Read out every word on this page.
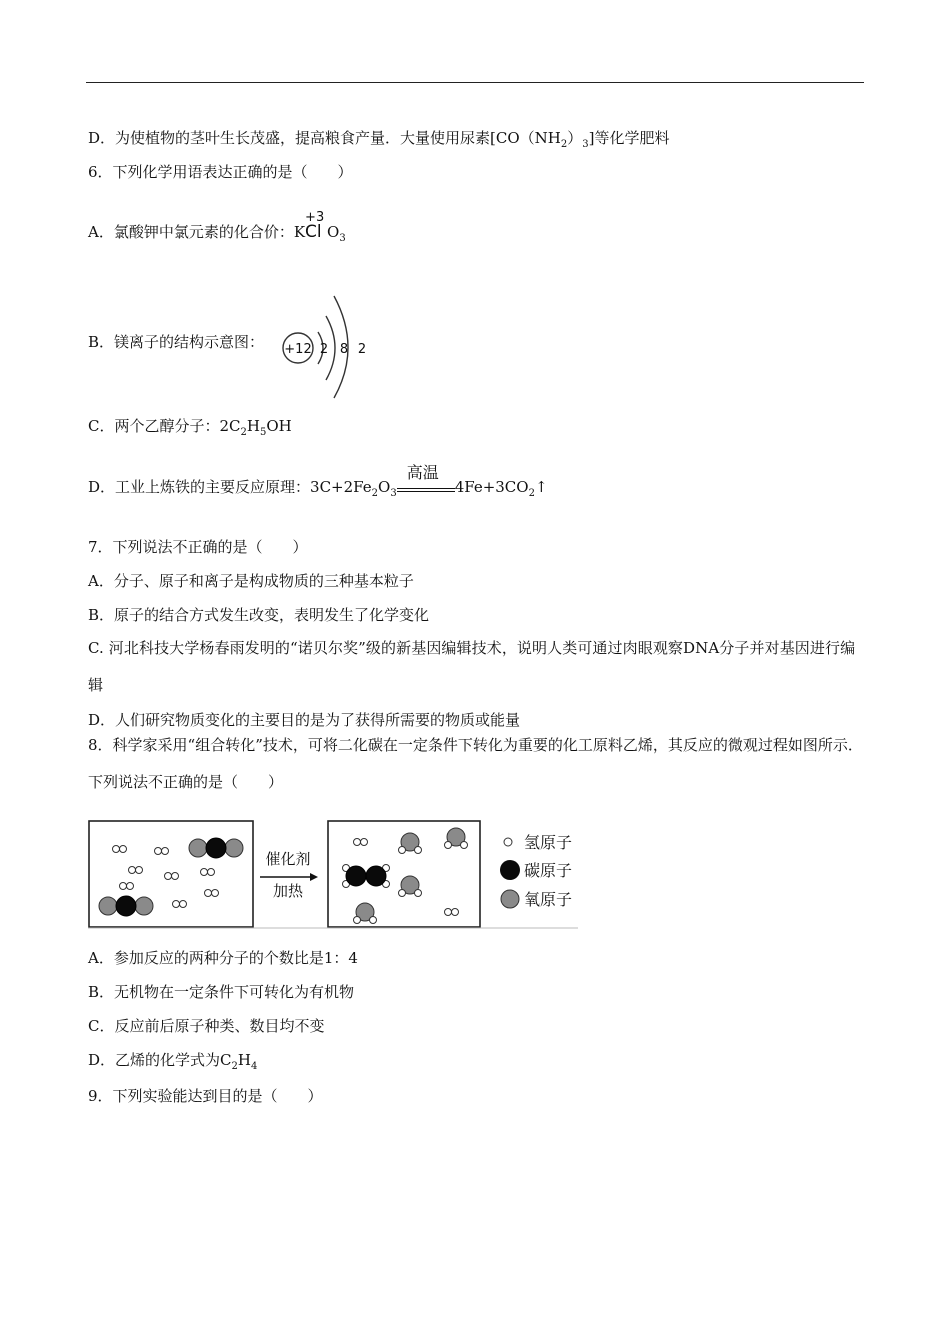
D．为使植物的茎叶生长茂盛，提高粮食产量．大量使用尿素$[CO(NH_2)_3]$等化学肥料
6．下列化学用语表达正确的是（　　）
A．氯酸钾中氯元素的化合价：K
+3
Cl $O_3$
B．镁离子的结构示意图： +12 2 8 2
C．两个乙醇分子：$2C_2H_5OH$
D．工业上炼铁的主要反应原理：$3C+2Fe_2O_3$
高温
$4Fe+3CO_2↑$
7．下列说法不正确的是（　　）
A．分子、原子和离子是构成物质的三种基本粒子
B．原子的结合方式发生改变，表明发生了化学变化
C. 河北科技大学杨春雨发明的“诺贝尔奖”级的新基因编辑技术，说明人类可通过肉眼观察DNA分子并对基因进行编辑
D．人们研究物质变化的主要目的是为了获得所需要的物质或能量
8．科学家采用“组合转化”技术，可将二化碳在一定条件下转化为重要的化工原料乙烯，其反应的微观过程如图所示．下列说法不正确的是（　　）
催化剂
加热
氢原子
碳原子
氧原子
A．参加反应的两种分子的个数比是1：4
B．无机物在一定条件下可转化为有机物
C．反应前后原子种类、数目均不变
D．乙烯的化学式为$C_2H_4$
9．下列实验能达到目的是（　　）
